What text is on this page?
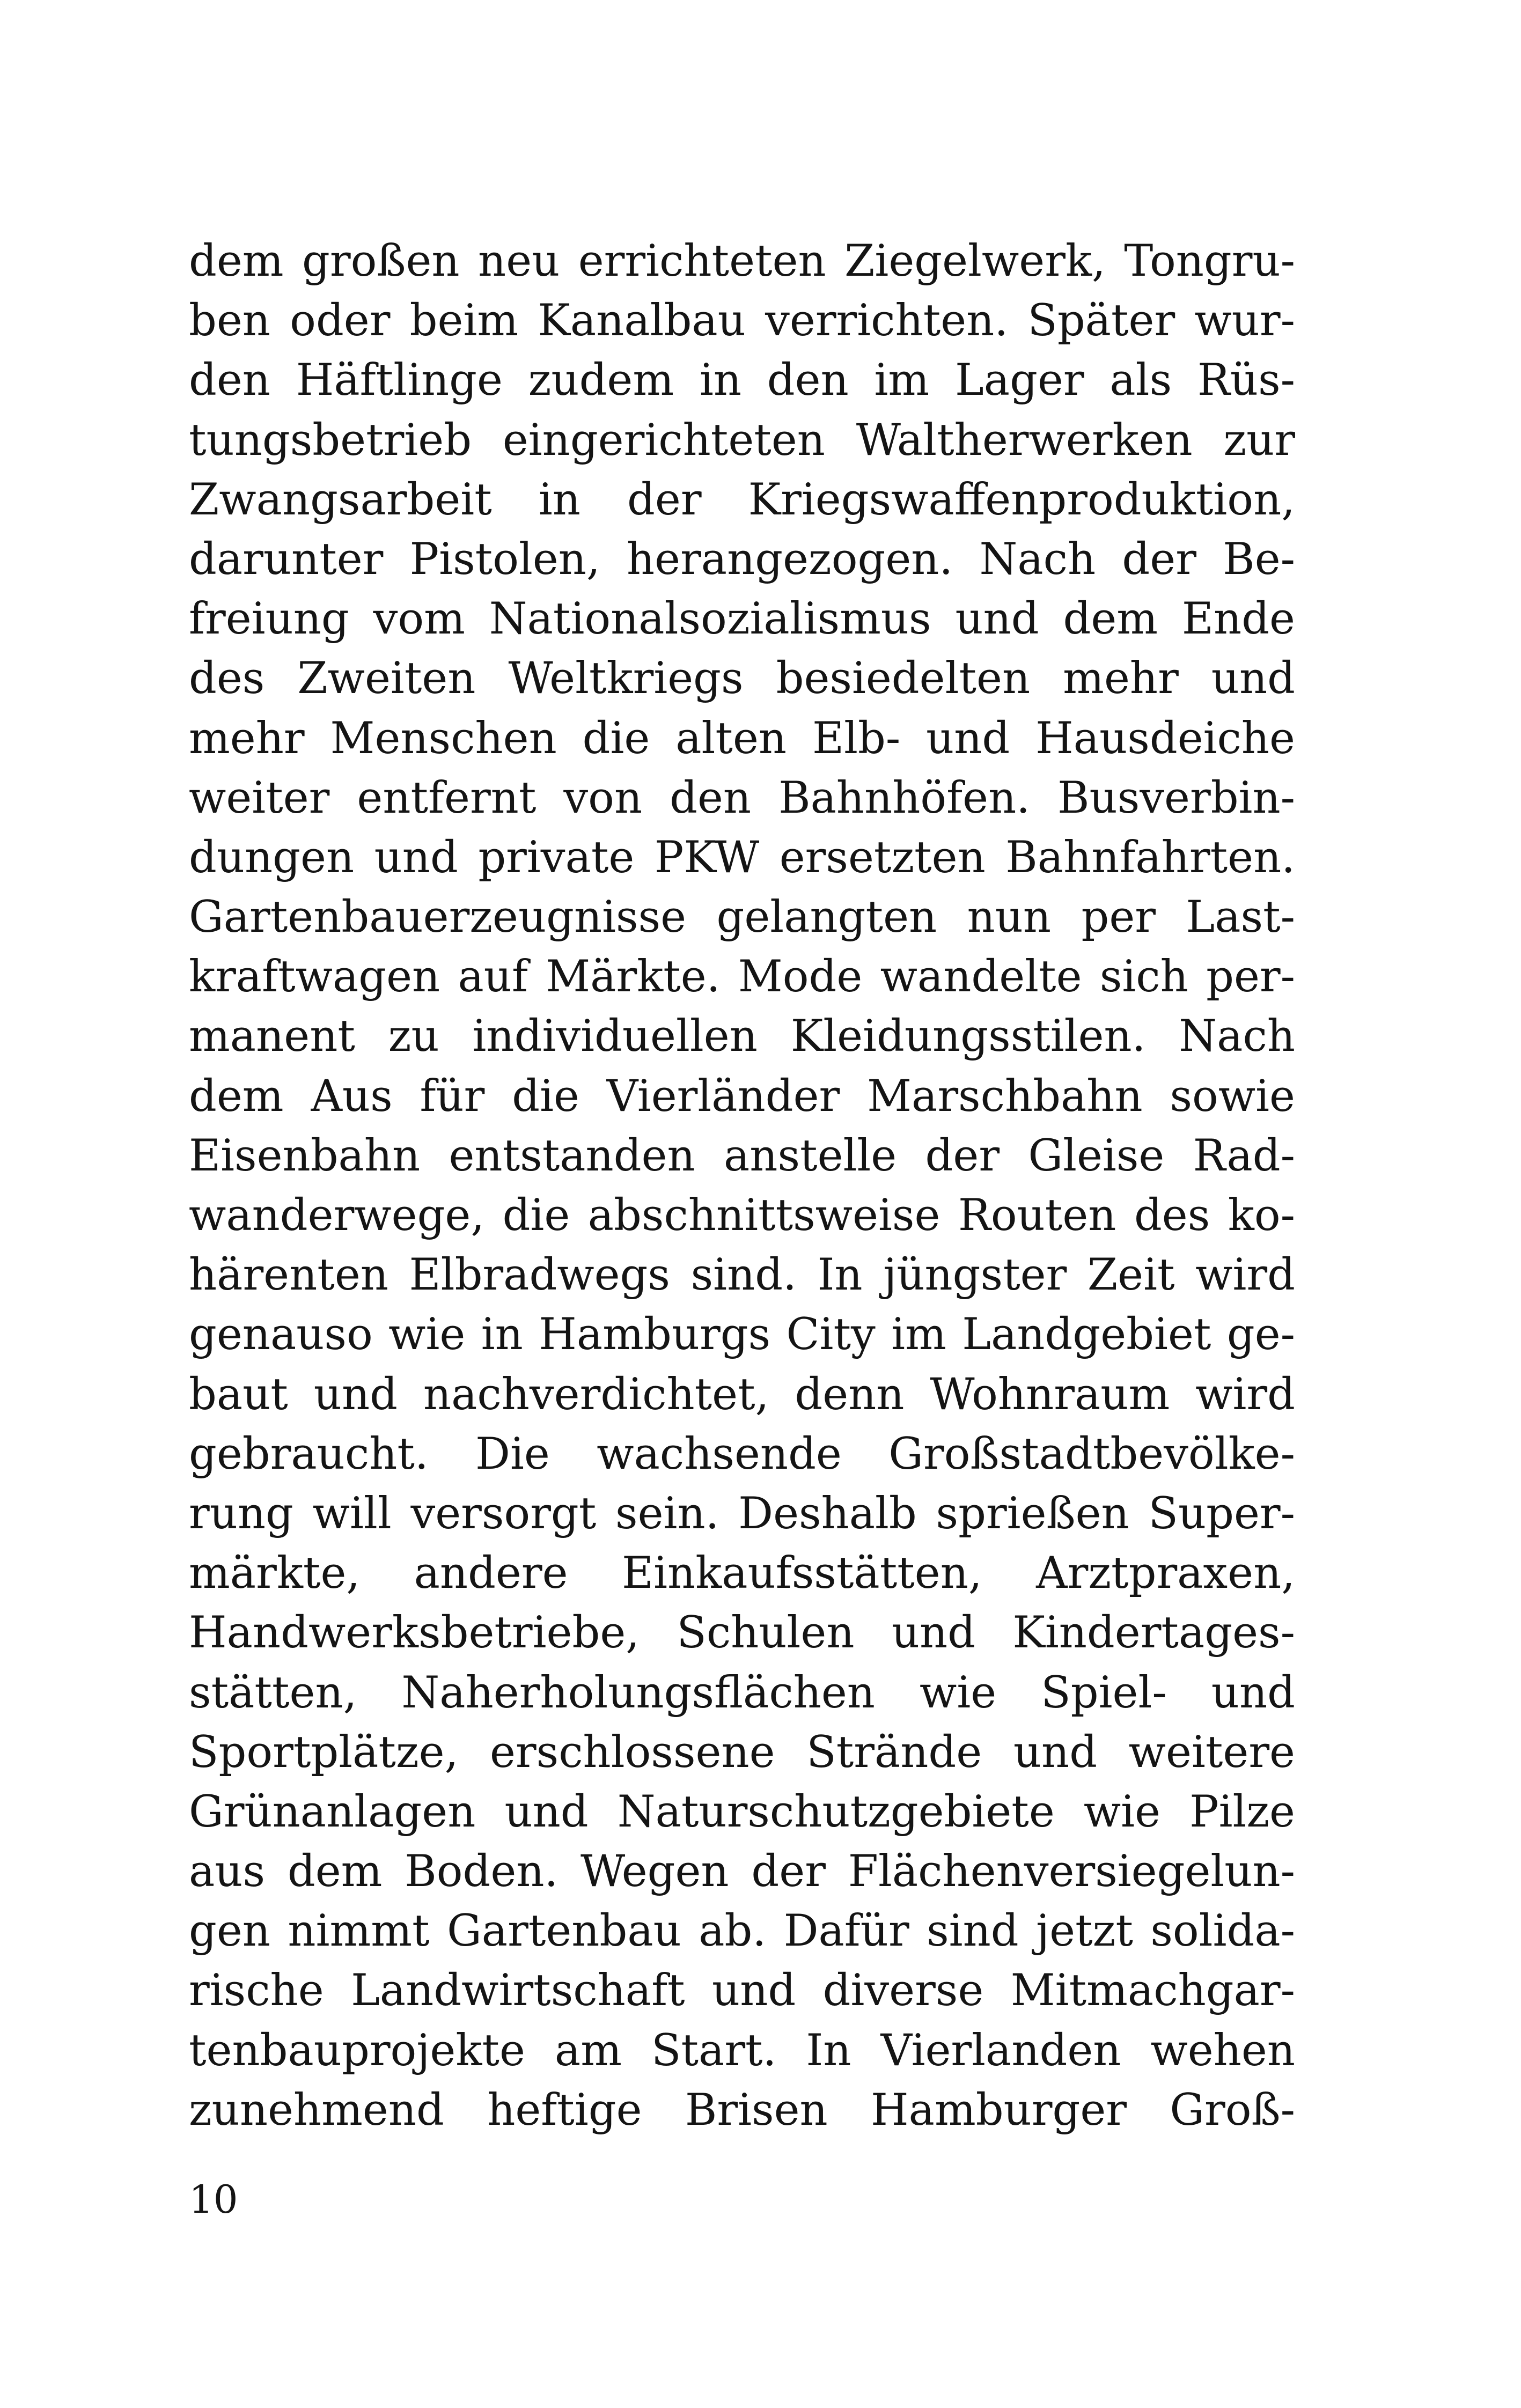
dem großen neu errichteten Ziegelwerk, Tongru-
ben oder beim Kanalbau verrichten. Später wur-
den Häftlinge zudem in den im Lager als Rüs-
tungsbetrieb eingerichteten Waltherwerken zur
Zwangsarbeit in der Kriegswaffenproduktion,
darunter Pistolen, herangezogen. Nach der Be-
freiung vom Nationalsozialismus und dem Ende
des Zweiten Weltkriegs besiedelten mehr und
mehr Menschen die alten Elb- und Hausdeiche
weiter entfernt von den Bahnhöfen. Busverbin-
dungen und private PKW ersetzten Bahnfahrten.
Gartenbauerzeugnisse gelangten nun per Last-
kraftwagen auf Märkte. Mode wandelte sich per-
manent zu individuellen Kleidungsstilen. Nach
dem Aus für die Vierländer Marschbahn sowie
Eisenbahn entstanden anstelle der Gleise Rad-
wanderwege, die abschnittsweise Routen des ko-
härenten Elbradwegs sind. In jüngster Zeit wird
genauso wie in Hamburgs City im Landgebiet ge-
baut und nachverdichtet, denn Wohnraum wird
gebraucht. Die wachsende Großstadtbevölke-
rung will versorgt sein. Deshalb sprießen Super-
märkte, andere Einkaufsstätten, Arztpraxen,
Handwerksbetriebe, Schulen und Kindertages-
stätten, Naherholungsflächen wie Spiel- und
Sportplätze, erschlossene Strände und weitere
Grünanlagen und Naturschutzgebiete wie Pilze
aus dem Boden. Wegen der Flächenversiegelun-
gen nimmt Gartenbau ab. Dafür sind jetzt solida-
rische Landwirtschaft und diverse Mitmachgar-
tenbauprojekte am Start. In Vierlanden wehen
zunehmend heftige Brisen Hamburger Groß-
10
